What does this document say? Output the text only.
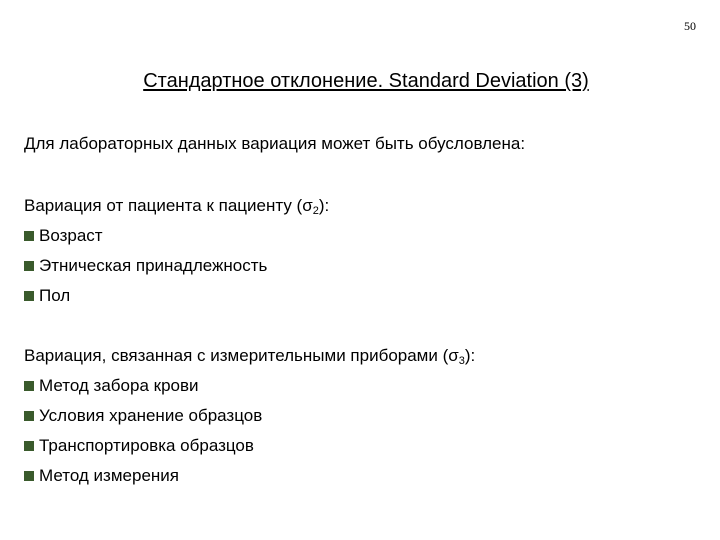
50
Стандартное отклонение. Standard Deviation (3)
Для лабораторных данных вариация может быть обусловлена:
Вариация от пациента к пациенту $(\sigma_2)$:
Возраст
Этническая принадлежность
Пол
Вариация, связанная с измерительными приборами $(\sigma_3)$:
Метод забора крови
Условия хранение образцов
Транспортировка образцов
Метод измерения
